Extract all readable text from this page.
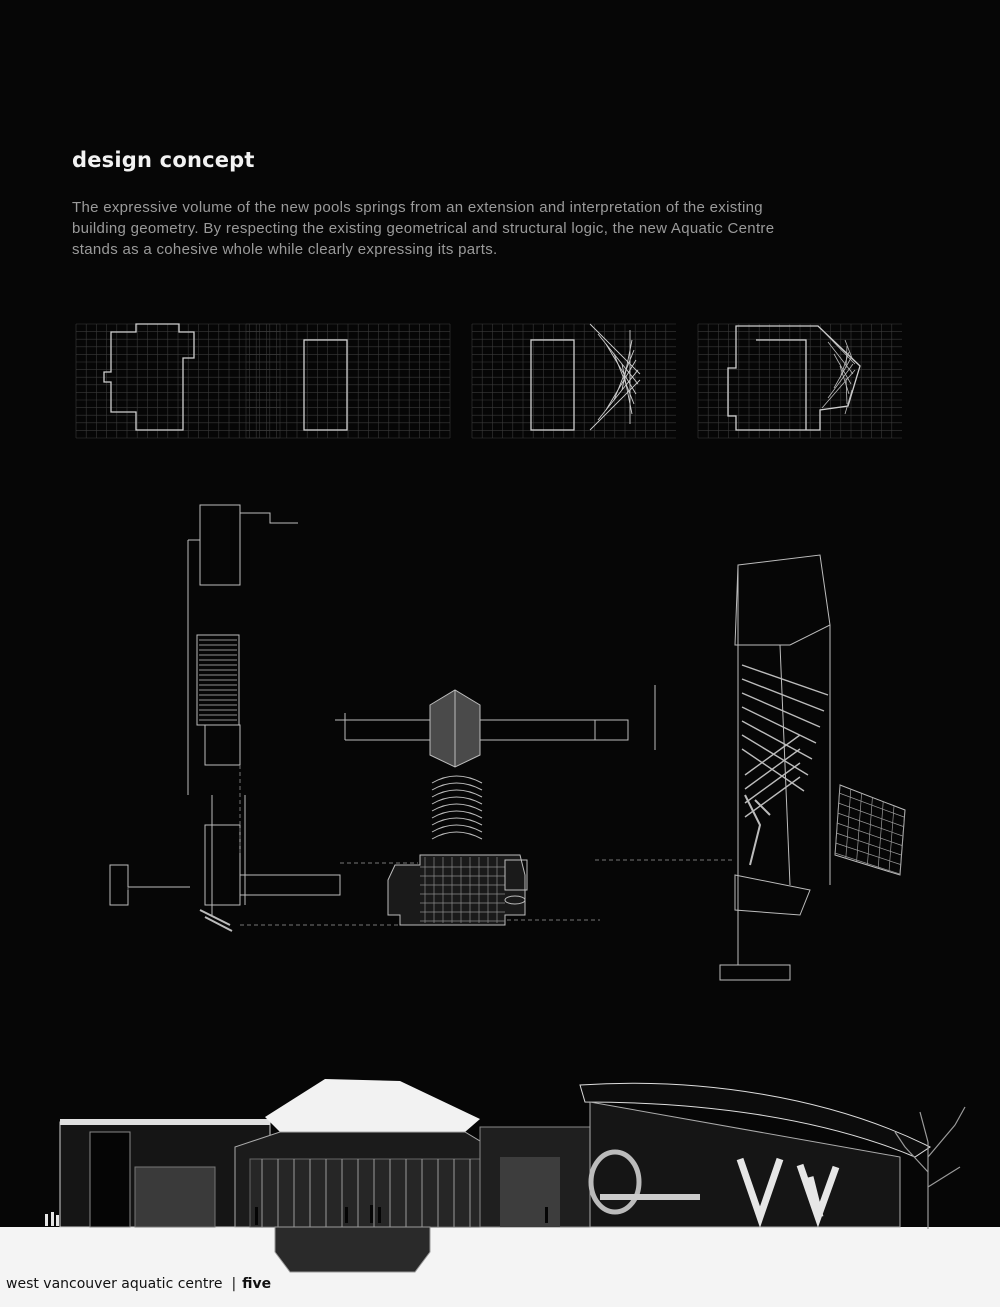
design concept

The expressive volume of the new pools springs from an extension and interpretation of the existing
building geometry. By respecting the existing geometrical and structural logic, the new Aquatic Centre
stands as a cohesive whole while clearly expressing its parts.

west vancouver aquatic centre | five
